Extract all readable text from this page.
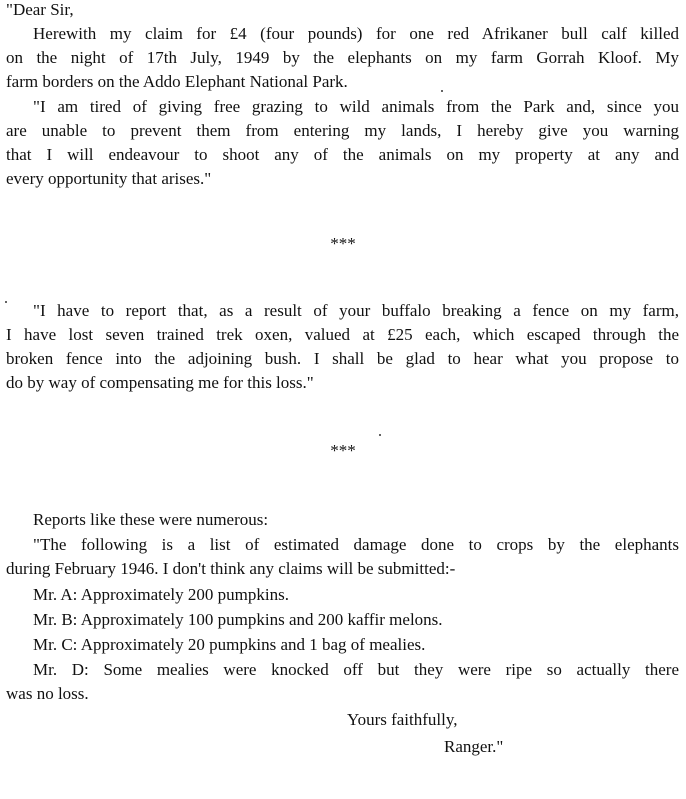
"Dear Sir,
Herewith my claim for £4 (four pounds) for one red Afrikaner bull calf killed
on the night of 17th July, 1949 by the elephants on my farm Gorrah Kloof. My
farm borders on the Addo Elephant National Park.
"I am tired of giving free grazing to wild animals from the Park and, since you
are unable to prevent them from entering my lands, I hereby give you warning
that I will endeavour to shoot any of the animals on my property at any and
every opportunity that arises."
***
"I have to report that, as a result of your buffalo breaking a fence on my farm,
I have lost seven trained trek oxen, valued at £25 each, which escaped through the
broken fence into the adjoining bush. I shall be glad to hear what you propose to
do by way of compensating me for this loss."
***
Reports like these were numerous:
"The following is a list of estimated damage done to crops by the elephants
during February 1946. I don't think any claims will be submitted:-
Mr. A: Approximately 200 pumpkins.
Mr. B: Approximately 100 pumpkins and 200 kaffir melons.
Mr. C: Approximately 20 pumpkins and 1 bag of mealies.
Mr. D: Some mealies were knocked off but they were ripe so actually there
was no loss.
Yours faithfully,
Ranger."
